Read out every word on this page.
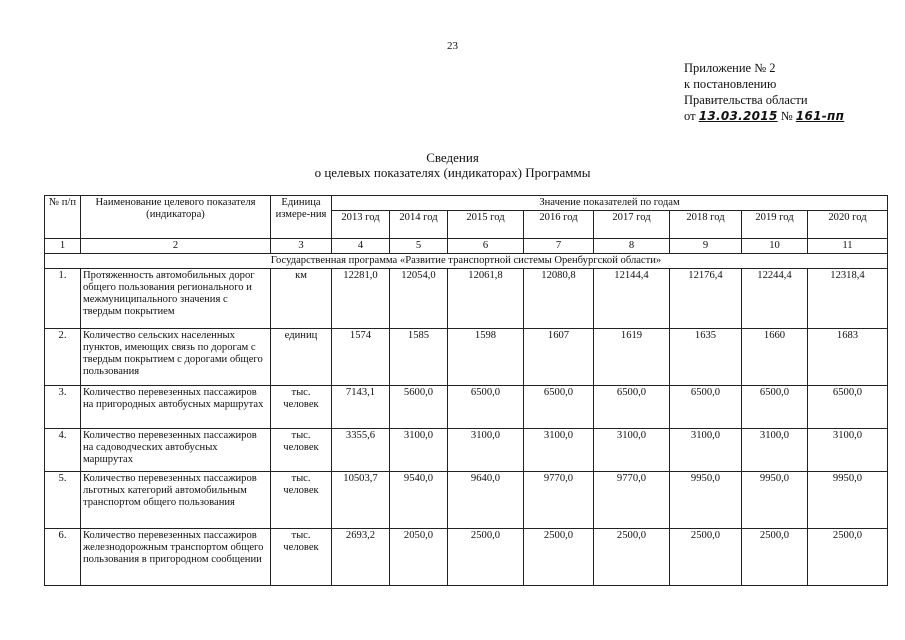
23
Приложение № 2
к постановлению
Правительства области
от 13.03.2015 № 161-пп
Сведения
о целевых показателях (индикаторах) Программы
№ п/п	Наименование целевого показателя (индикатора)	Единица измере-ния	Значение показателей по годам							
			2013 год	2014 год	2015 год	2016 год	2017 год	2018 год	2019 год	2020 год
1	2	3	4	5	6	7	8	9	10	11
Государственная программа «Развитие транспортной системы Оренбургской области»										
1.	Протяженность автомобильных дорог общего пользования регионального и межмуниципального значения с твердым покрытием	км	12281,0	12054,0	12061,8	12080,8	12144,4	12176,4	12244,4	12318,4
2.	Количество сельских населенных пунктов, имеющих связь по дорогам с твердым покрытием с дорогами общего пользования	единиц	1574	1585	1598	1607	1619	1635	1660	1683
3.	Количество перевезенных пассажиров на пригородных автобусных маршрутах	тыс. человек	7143,1	5600,0	6500,0	6500,0	6500,0	6500,0	6500,0	6500,0
4.	Количество перевезенных пассажиров на садоводческих автобусных маршрутах	тыс. человек	3355,6	3100,0	3100,0	3100,0	3100,0	3100,0	3100,0	3100,0
5.	Количество перевезенных пассажиров льготных категорий автомобильным транспортом общего пользования	тыс. человек	10503,7	9540,0	9640,0	9770,0	9770,0	9950,0	9950,0	9950,0
6.	Количество перевезенных пассажиров железнодорожным транспортом общего пользования в пригородном сообщении	тыс. человек	2693,2	2050,0	2500,0	2500,0	2500,0	2500,0	2500,0	2500,0
